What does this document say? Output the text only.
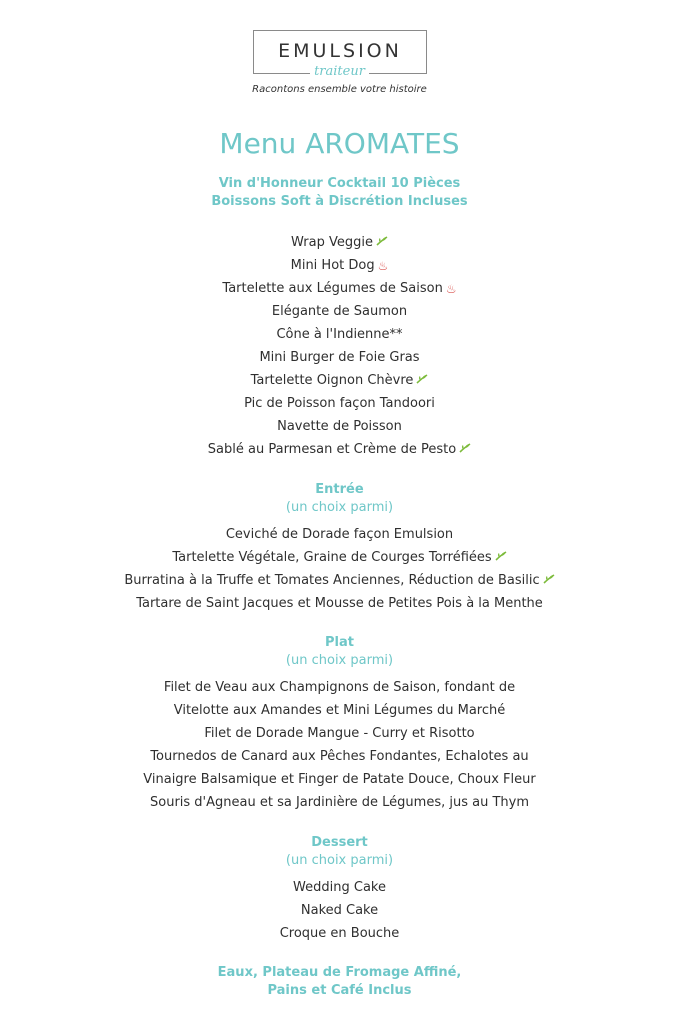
EMULSION
traiteur
Racontons ensemble votre histoire
Menu AROMATES
Vin d'Honneur Cocktail 10 Pièces
Boissons Soft à Discrétion Incluses
Wrap Veggie
Mini Hot Dog ♨
Tartelette aux Légumes de Saison ♨
Elégante de Saumon
Cône à l'Indienne**
Mini Burger de Foie Gras
Tartelette Oignon Chèvre
Pic de Poisson façon Tandoori
Navette de Poisson
Sablé au Parmesan et Crème de Pesto
Entrée
(un choix parmi)
Ceviché de Dorade façon Emulsion
Tartelette Végétale, Graine de Courges Torréfiées
Burratina à la Truffe et Tomates Anciennes, Réduction de Basilic
Tartare de Saint Jacques et Mousse de Petites Pois à la Menthe
Plat
(un choix parmi)
Filet de Veau aux Champignons de Saison, fondant de
Vitelotte aux Amandes et Mini Légumes du Marché
Filet de Dorade Mangue - Curry et Risotto
Tournedos de Canard aux Pêches Fondantes, Echalotes au
Vinaigre Balsamique et Finger de Patate Douce, Choux Fleur
Souris d'Agneau et sa Jardinière de Légumes, jus au Thym
Dessert
(un choix parmi)
Wedding Cake
Naked Cake
Croque en Bouche
Eaux, Plateau de Fromage Affiné,
Pains et Café Inclus
